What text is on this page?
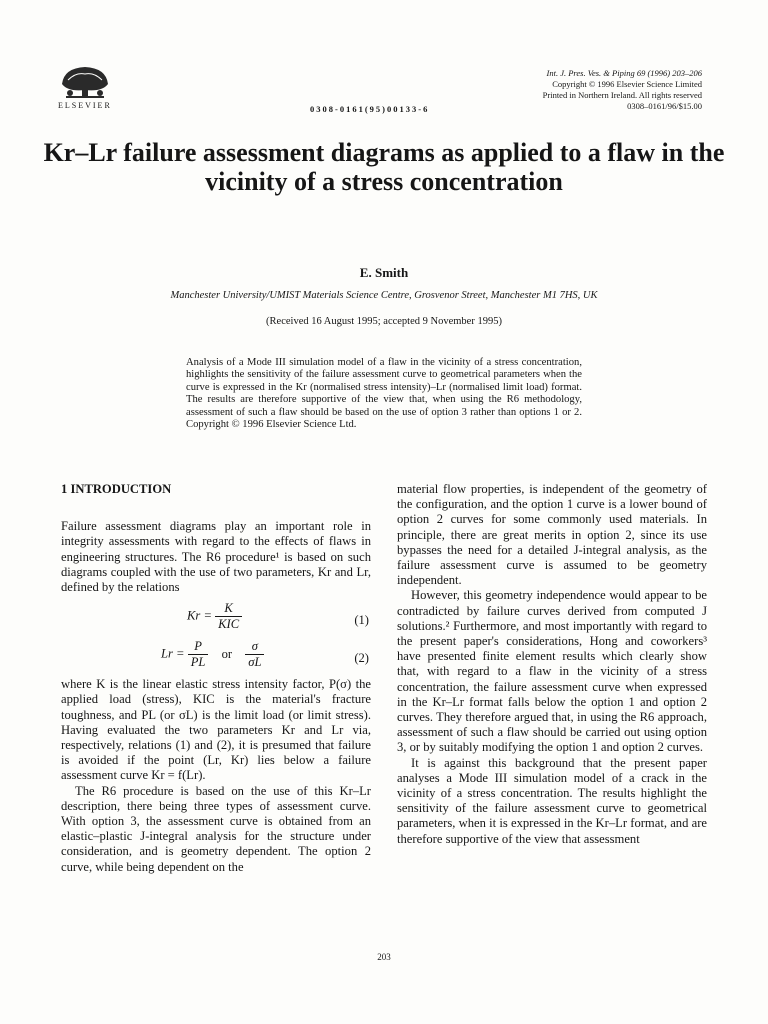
ELSEVIER	0308-0161(95)00133-6
Int. J. Pres. Ves. & Piping 69 (1996) 203–206
Copyright © 1996 Elsevier Science Limited
Printed in Northern Ireland. All rights reserved
0308–0161/96/$15.00
Kr–Lr failure assessment diagrams as applied to a flaw in the vicinity of a stress concentration
E. Smith
Manchester University/UMIST Materials Science Centre, Grosvenor Street, Manchester M1 7HS, UK
(Received 16 August 1995; accepted 9 November 1995)
Analysis of a Mode III simulation model of a flaw in the vicinity of a stress concentration, highlights the sensitivity of the failure assessment curve to geometrical parameters when the curve is expressed in the Kr (normalised stress intensity)–Lr (normalised limit load) format. The results are therefore supportive of the view that, when using the R6 methodology, assessment of such a flaw should be based on the use of option 3 rather than options 1 or 2. Copyright © 1996 Elsevier Science Ltd.
1 INTRODUCTION

Failure assessment diagrams play an important role in integrity assessments with regard to the effects of flaws in engineering structures. The R6 procedure¹ is based on such diagrams coupled with the use of two parameters, Kr and Lr, defined by the relations

$Kr = \frac{K}{\text{KIC}}$	(1)
$Lr = \frac{P}{PL}$ or $\frac{\sigma}{\sigma L}$	(2)

where K is the linear elastic stress intensity factor, P(σ) the applied load (stress), KIC is the material's fracture toughness, and PL (or σL) is the limit load (or limit stress). Having evaluated the two parameters Kr and Lr via, respectively, relations (1) and (2), it is presumed that failure is avoided if the point (Lr, Kr) lies below a failure assessment curve Kr = f(Lr).

The R6 procedure is based on the use of this Kr–Lr description, there being three types of assessment curve. With option 3, the assessment curve is obtained from an elastic–plastic J-integral analysis for the structure under consideration, and is geometry dependent. The option 2 curve, while being dependent on the

material flow properties, is independent of the geometry of the configuration, and the option 1 curve is a lower bound of option 2 curves for some commonly used materials. In principle, there are great merits in option 2, since its use bypasses the need for a detailed J-integral analysis, as the failure assessment curve is assumed to be geometry independent.

However, this geometry independence would appear to be contradicted by failure curves derived from computed J solutions.² Furthermore, and most importantly with regard to the present paper's considerations, Hong and coworkers³ have presented finite element results which clearly show that, with regard to a flaw in the vicinity of a stress concentration, the failure assessment curve when expressed in the Kr–Lr format falls below the option 1 and option 2 curves. They therefore argued that, in using the R6 approach, assessment of such a flaw should be carried out using option 3, or by suitably modifying the option 1 and option 2 curves.

It is against this background that the present paper analyses a Mode III simulation model of a crack in the vicinity of a stress concentration. The results highlight the sensitivity of the failure assessment curve to geometrical parameters, when it is expressed in the Kr–Lr format, and are therefore supportive of the view that assessment

203
